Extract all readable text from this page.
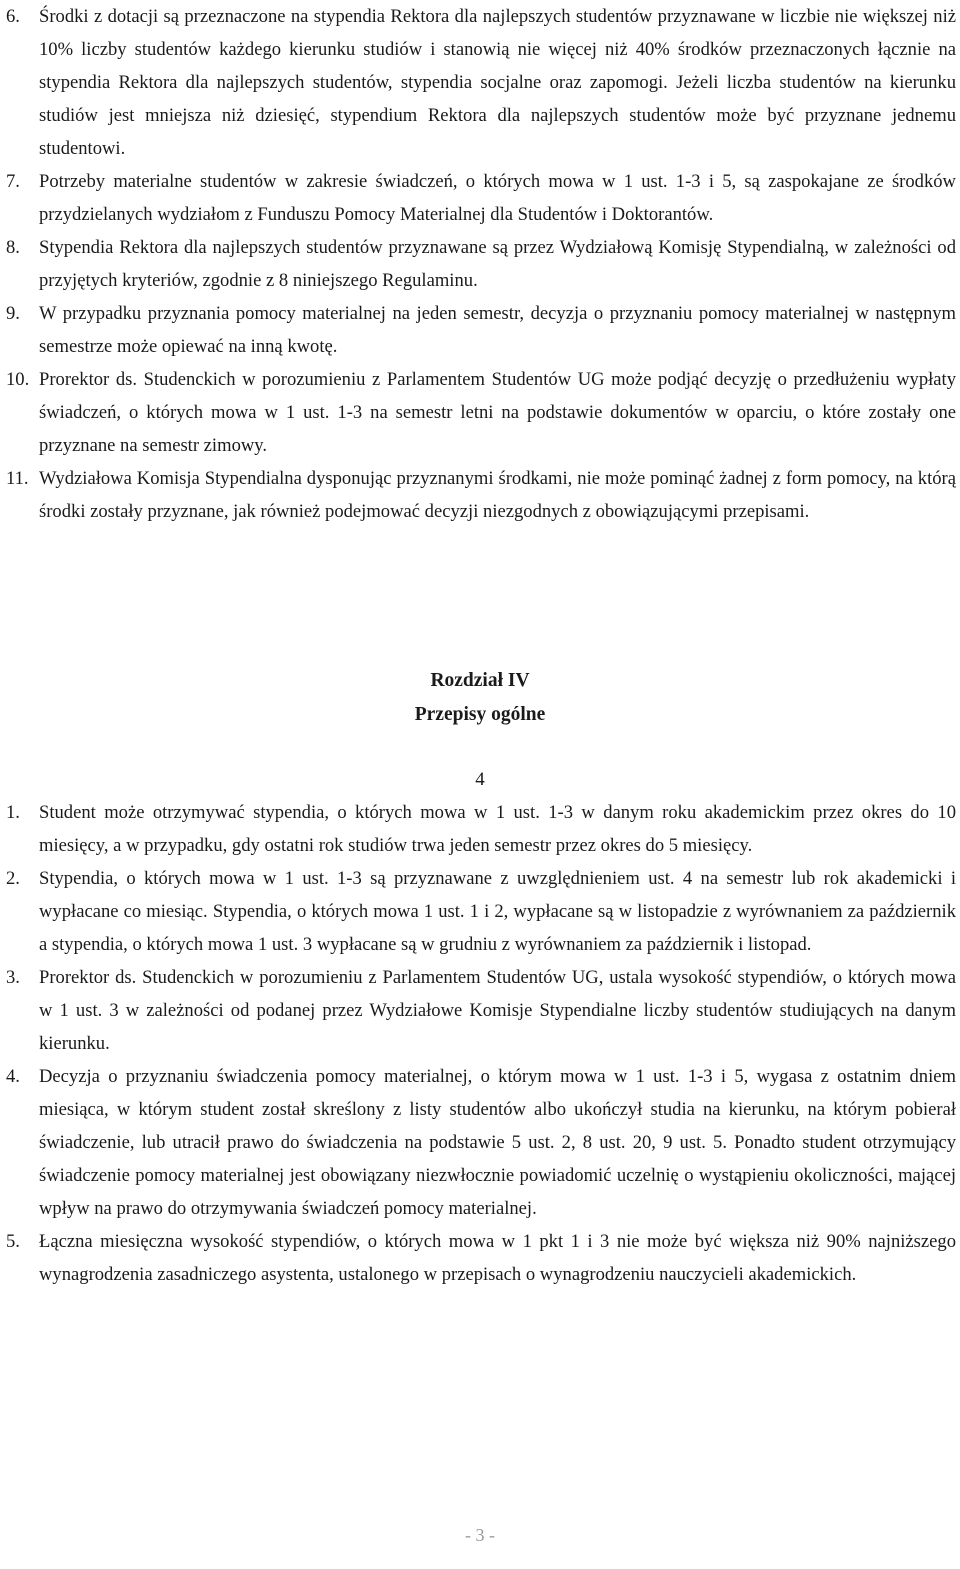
6. Środki z dotacji są przeznaczone na stypendia Rektora dla najlepszych studentów przyznawane w liczbie nie większej niż 10% liczby studentów każdego kierunku studiów i stanowią nie więcej niż 40% środków przeznaczonych łącznie na stypendia Rektora dla najlepszych studentów, stypendia socjalne oraz zapomogi. Jeżeli liczba studentów na kierunku studiów jest mniejsza niż dziesięć, stypendium Rektora dla najlepszych studentów może być przyznane jednemu studentowi.
7. Potrzeby materialne studentów w zakresie świadczeń, o których mowa w 1 ust. 1-3 i 5, są zaspokajane ze środków przydzielanych wydziałom z Funduszu Pomocy Materialnej dla Studentów i Doktorantów.
8. Stypendia Rektora dla najlepszych studentów przyznawane są przez Wydziałową Komisję Stypendialną, w zależności od przyjętych kryteriów, zgodnie z 8 niniejszego Regulaminu.
9. W przypadku przyznania pomocy materialnej na jeden semestr, decyzja o przyznaniu pomocy materialnej w następnym semestrze może opiewać na inną kwotę.
10. Prorektor ds. Studenckich w porozumieniu z Parlamentem Studentów UG może podjąć decyzję o przedłużeniu wypłaty świadczeń, o których mowa w 1 ust. 1-3 na semestr letni na podstawie dokumentów w oparciu, o które zostały one przyznane na semestr zimowy.
11. Wydziałowa Komisja Stypendialna dysponując przyznanymi środkami, nie może pominąć żadnej z form pomocy, na którą środki zostały przyznane, jak również podejmować decyzji niezgodnych z obowiązującymi przepisami.
Rozdział IV
Przepisy ogólne
4
1. Student może otrzymywać stypendia, o których mowa w 1 ust. 1-3 w danym roku akademickim przez okres do 10 miesięcy, a w przypadku, gdy ostatni rok studiów trwa jeden semestr przez okres do 5 miesięcy.
2. Stypendia, o których mowa w 1 ust. 1-3 są przyznawane z uwzględnieniem ust. 4 na semestr lub rok akademicki i wypłacane co miesiąc. Stypendia, o których mowa 1 ust. 1 i 2, wypłacane są w listopadzie z wyrównaniem za październik a stypendia, o których mowa 1 ust. 3 wypłacane są w grudniu z wyrównaniem za październik i listopad.
3. Prorektor ds. Studenckich w porozumieniu z Parlamentem Studentów UG, ustala wysokość stypendiów, o których mowa w 1 ust. 3 w zależności od podanej przez Wydziałowe Komisje Stypendialne liczby studentów studiujących na danym kierunku.
4. Decyzja o przyznaniu świadczenia pomocy materialnej, o którym mowa w 1 ust. 1-3 i 5, wygasa z ostatnim dniem miesiąca, w którym student został skreślony z listy studentów albo ukończył studia na kierunku, na którym pobierał świadczenie, lub utracił prawo do świadczenia na podstawie 5 ust. 2, 8 ust. 20, 9 ust. 5. Ponadto student otrzymujący świadczenie pomocy materialnej jest obowiązany niezwłocznie powiadomić uczelnię o wystąpieniu okoliczności, mającej wpływ na prawo do otrzymywania świadczeń pomocy materialnej.
5. Łączna miesięczna wysokość stypendiów, o których mowa w 1 pkt 1 i 3 nie może być większa niż 90% najniższego wynagrodzenia zasadniczego asystenta, ustalonego w przepisach o wynagrodzeniu nauczycieli akademickich.
- 3 -
